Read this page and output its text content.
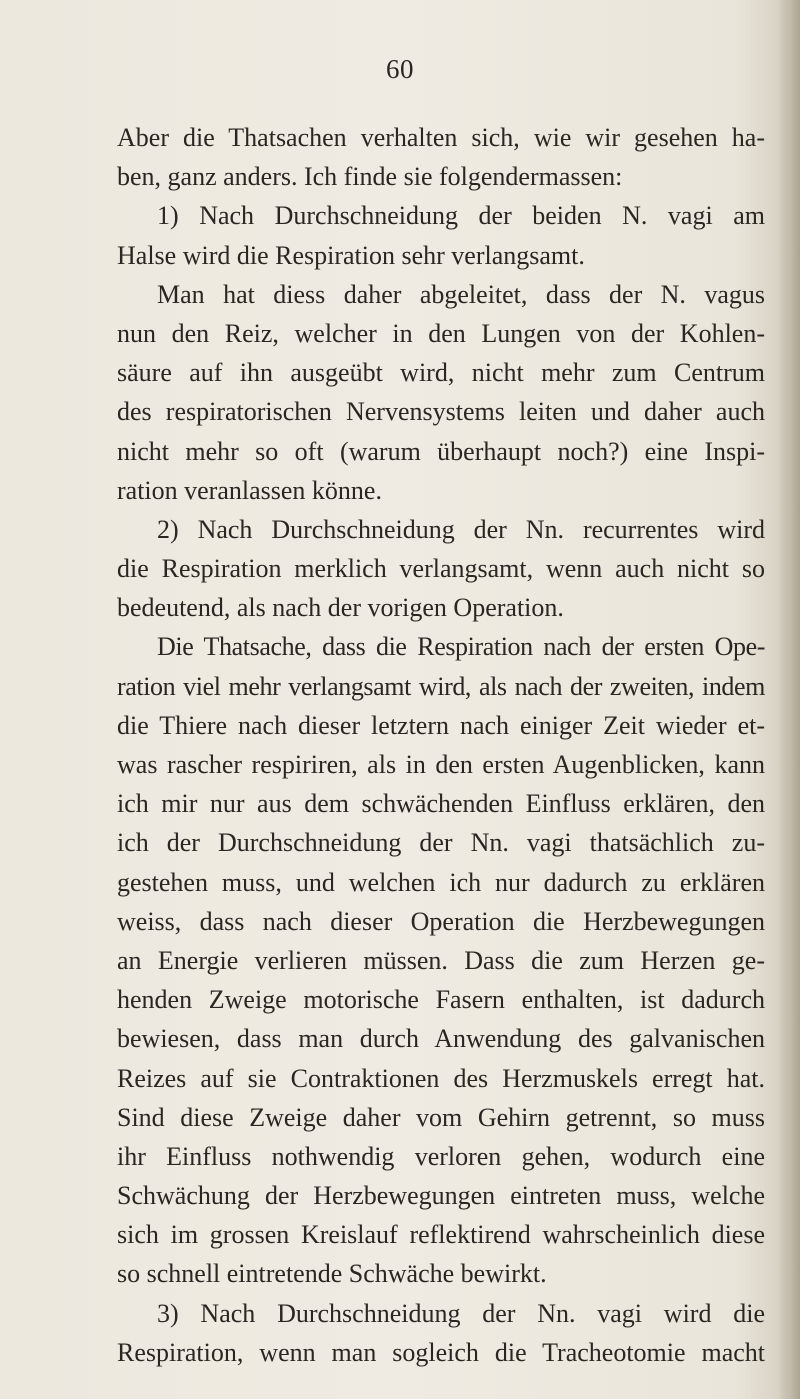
60
Aber die Thatsachen verhalten sich, wie wir gesehen ha-
ben, ganz anders. Ich finde sie folgendermassen:
1) Nach Durchschneidung der beiden N. vagi am
Halse wird die Respiration sehr verlangsamt.
Man hat diess daher abgeleitet, dass der N. vagus
nun den Reiz, welcher in den Lungen von der Kohlen-
säure auf ihn ausgeübt wird, nicht mehr zum Centrum
des respiratorischen Nervensystems leiten und daher auch
nicht mehr so oft (warum überhaupt noch?) eine Inspi-
ration veranlassen könne.
2) Nach Durchschneidung der Nn. recurrentes wird
die Respiration merklich verlangsamt, wenn auch nicht so
bedeutend, als nach der vorigen Operation.
Die Thatsache, dass die Respiration nach der ersten Ope-
ration viel mehr verlangsamt wird, als nach der zweiten, indem
die Thiere nach dieser letztern nach einiger Zeit wieder et-
was rascher respiriren, als in den ersten Augenblicken, kann
ich mir nur aus dem schwächenden Einfluss erklären, den
ich der Durchschneidung der Nn. vagi thatsächlich zu-
gestehen muss, und welchen ich nur dadurch zu erklären
weiss, dass nach dieser Operation die Herzbewegungen
an Energie verlieren müssen. Dass die zum Herzen ge-
henden Zweige motorische Fasern enthalten, ist dadurch
bewiesen, dass man durch Anwendung des galvanischen
Reizes auf sie Contraktionen des Herzmuskels erregt hat.
Sind diese Zweige daher vom Gehirn getrennt, so muss
ihr Einfluss nothwendig verloren gehen, wodurch eine
Schwächung der Herzbewegungen eintreten muss, welche
sich im grossen Kreislauf reflektirend wahrscheinlich diese
so schnell eintretende Schwäche bewirkt.
3) Nach Durchschneidung der Nn. vagi wird die
Respiration, wenn man sogleich die Tracheotomie macht
